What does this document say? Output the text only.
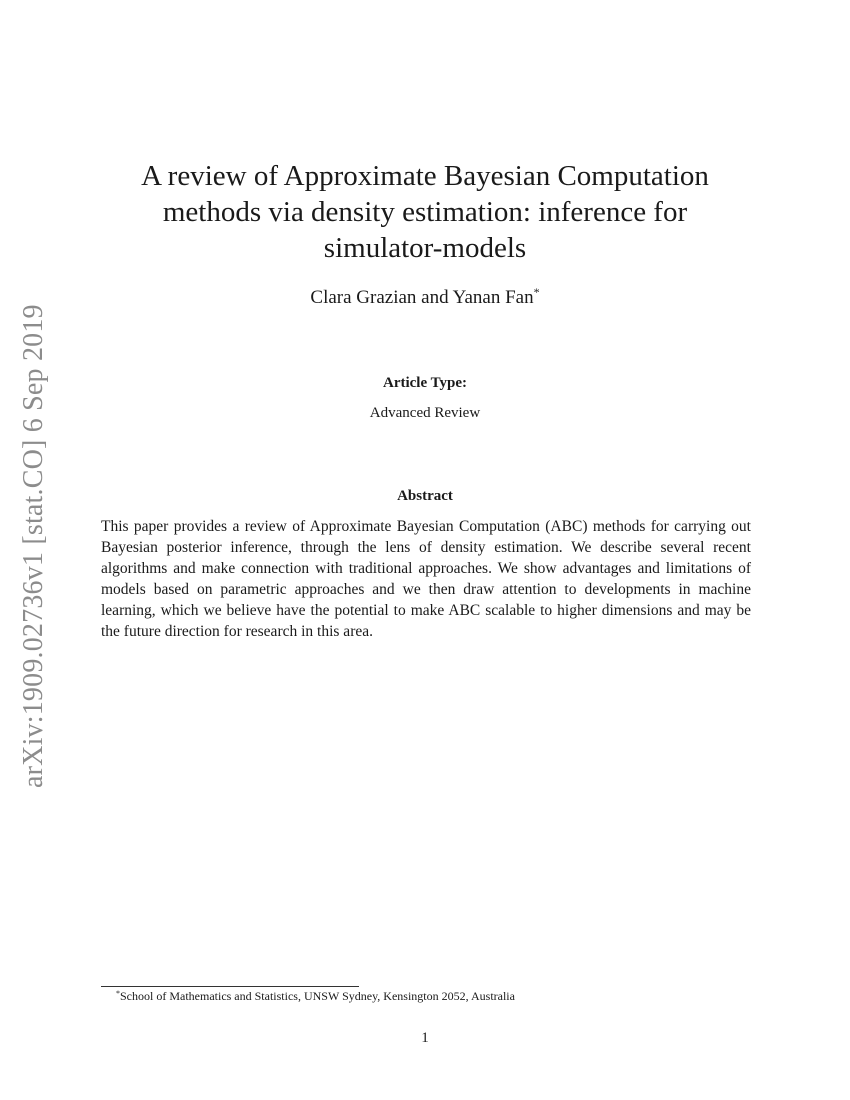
arXiv:1909.02736v1 [stat.CO] 6 Sep 2019
A review of Approximate Bayesian Computation methods via density estimation: inference for simulator-models
Clara Grazian and Yanan Fan*
Article Type:
Advanced Review
Abstract
This paper provides a review of Approximate Bayesian Computation (ABC) methods for carrying out Bayesian posterior inference, through the lens of density estimation. We describe several recent algorithms and make connection with traditional approaches. We show advantages and limitations of models based on parametric approaches and we then draw attention to developments in machine learning, which we believe have the potential to make ABC scalable to higher dimensions and may be the future direction for research in this area.
*School of Mathematics and Statistics, UNSW Sydney, Kensington 2052, Australia
1
